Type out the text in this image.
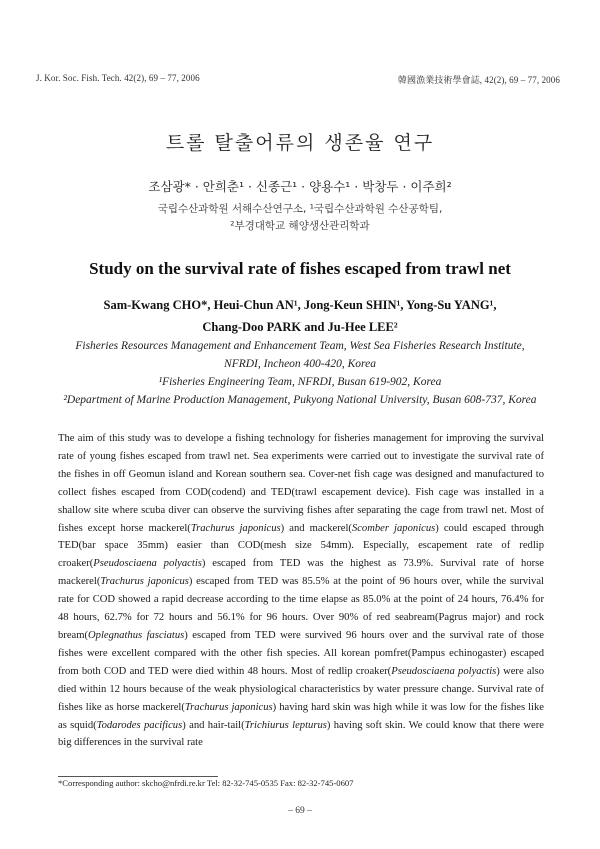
J. Kor. Soc. Fish. Tech. 42(2), 69 – 77, 2006	韓國漁業技術學會誌, 42(2), 69 – 77, 2006
트롤 탈출어류의 생존율 연구
조삼광* · 안희춘¹ · 신종근¹ · 양용수¹ · 박창두 · 이주희²
국립수산과학원 서해수산연구소, ¹국립수산과학원 수산공학팀,
²부경대학교 해양생산관리학과
Study on the survival rate of fishes escaped from trawl net
Sam-Kwang CHO*, Heui-Chun AN¹, Jong-Keun SHIN¹, Yong-Su YANG¹,
Chang-Doo PARK and Ju-Hee LEE²
Fisheries Resources Management and Enhancement Team, West Sea Fisheries Research Institute,
NFRDI, Incheon 400-420, Korea
¹Fisheries Engineering Team, NFRDI, Busan 619-902, Korea
²Department of Marine Production Management, Pukyong National University, Busan 608-737, Korea

The aim of this study was to develope a fishing technology for fisheries management for improving the survival rate of young fishes escaped from trawl net. Sea experiments were carried out to investigate the survival rate of the fishes in off Geomun island and Korean southern sea. Cover-net fish cage was designed and manufactured to collect fishes escaped from COD(codend) and TED(trawl escapement device). Fish cage was installed in a shallow site where scuba diver can observe the surviving fishes after separating the cage from trawl net. Most of fishes except horse mackerel(Trachurus japonicus) and mackerel(Scomber japonicus) could escaped through TED(bar space 35mm) easier than COD(mesh size 54mm). Especially, escapement rate of redlip croaker(Pseudosciaena polyactis) escaped from TED was the highest as 73.9%. Survival rate of horse mackerel(Trachurus japonicus) escaped from TED was 85.5% at the point of 96 hours over, while the survival rate for COD showed a rapid decrease according to the time elapse as 85.0% at the point of 24 hours, 76.4% for 48 hours, 62.7% for 72 hours and 56.1% for 96 hours. Over 90% of red seabream(Pagrus major) and rock bream(Oplegnathus fasciatus) escaped from TED were survived 96 hours over and the survival rate of those fishes were excellent compared with the other fish species. All korean pomfret(Pampus echinogaster) escaped from both COD and TED were died within 48 hours. Most of redlip croaker(Pseudosciaena polyactis) were also died within 12 hours because of the weak physiological characteristics by water pressure change. Survival rate of fishes like as horse mackerel(Trachurus japonicus) having hard skin was high while it was low for the fishes like as squid(Todarodes pacificus) and hair-tail(Trichiurus lepturus) having soft skin. We could know that there were big differences in the survival rate

*Corresponding author: skcho@nfrdi.re.kr Tel: 82-32-745-0535 Fax: 82-32-745-0607
– 69 –
